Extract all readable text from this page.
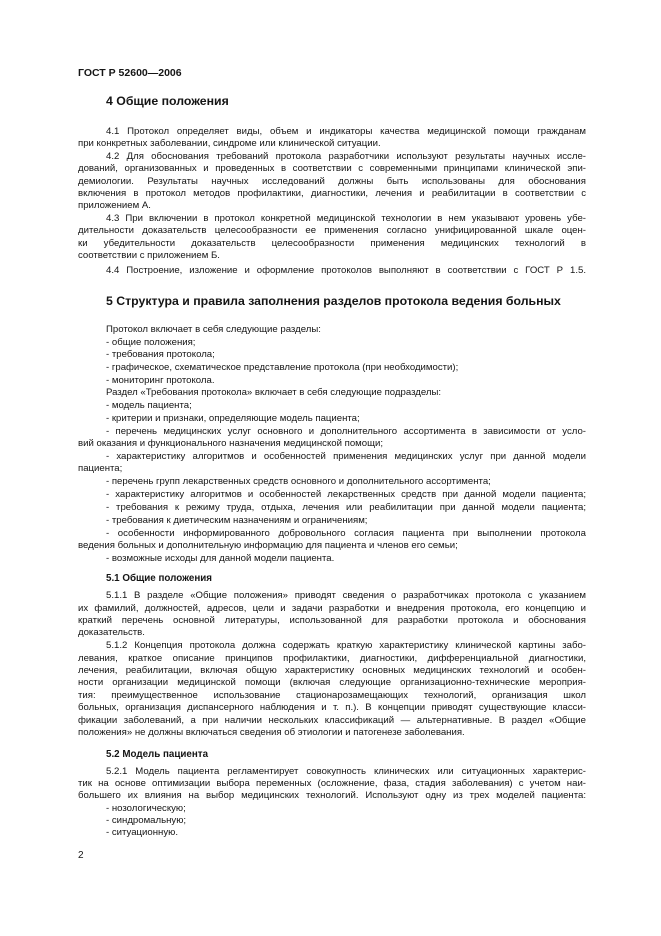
ГОСТ Р 52600—2006
4 Общие положения
5 Структура и правила заполнения разделов протокола ведения больных
5.1 Общие положения
5.2 Модель пациента
4.1 Протокол определяет виды, объем и индикаторы качества медицинской помощи гражданам
при конкретных заболевании, синдроме или клинической ситуации.
4.2 Для обоснования требований протокола разработчики используют результаты научных иссле-
дований, организованных и проведенных в соответствии с современными принципами клинической эпи-
демиологии. Результаты научных исследований должны быть использованы для обоснования
включения в протокол методов профилактики, диагностики, лечения и реабилитации в соответствии с
приложением А.
4.3 При включении в протокол конкретной медицинской технологии в нем указывают уровень убе-
дительности доказательств целесообразности ее применения согласно унифицированной шкале оцен-
ки убедительности доказательств целесообразности применения медицинских технологий в
соответствии с приложением Б.
4.4 Построение, изложение и оформление протоколов выполняют в соответствии с ГОСТ Р 1.5.
Протокол включает в себя следующие разделы:
- общие положения;
- требования протокола;
- графическое, схематическое представление протокола (при необходимости);
- мониторинг протокола.
Раздел «Требования протокола» включает в себя следующие подразделы:
- модель пациента;
- критерии и признаки, определяющие модель пациента;
- перечень медицинских услуг основного и дополнительного ассортимента в зависимости от усло-
вий оказания и функционального назначения медицинской помощи;
- характеристику алгоритмов и особенностей применения медицинских услуг при данной модели
пациента;
- перечень групп лекарственных средств основного и дополнительного ассортимента;
- характеристику алгоритмов и особенностей лекарственных средств при данной модели пациента;
- требования к режиму труда, отдыха, лечения или реабилитации при данной модели пациента;
- требования к диетическим назначениям и ограничениям;
- особенности информированного добровольного согласия пациента при выполнении протокола
ведения больных и дополнительную информацию для пациента и членов его семьи;
- возможные исходы для данной модели пациента.
5.1.1 В разделе «Общие положения» приводят сведения о разработчиках протокола с указанием
их фамилий, должностей, адресов, цели и задачи разработки и внедрения протокола, его концепцию и
краткий перечень основной литературы, использованной для разработки протокола и обоснования
доказательств.
5.1.2 Концепция протокола должна содержать краткую характеристику клинической картины забо-
левания, краткое описание принципов профилактики, диагностики, дифференциальной диагностики,
лечения, реабилитации, включая общую характеристику основных медицинских технологий и особен-
ности организации медицинской помощи (включая следующие организационно-технические мероприя-
тия: преимущественное использование стационарозамещающих технологий, организация школ
больных, организация диспансерного наблюдения и т. п.). В концепции приводят существующие класси-
фикации заболеваний, а при наличии нескольких классификаций — альтернативные. В раздел «Общие
положения» не должны включаться сведения об этиологии и патогенезе заболевания.
5.2.1 Модель пациента регламентирует совокупность клинических или ситуационных характерис-
тик на основе оптимизации выбора переменных (осложнение, фаза, стадия заболевания) с учетом наи-
большего их влияния на выбор медицинских технологий. Используют одну из трех моделей пациента:
- нозологическую;
- синдромальную;
- ситуационную.
2
